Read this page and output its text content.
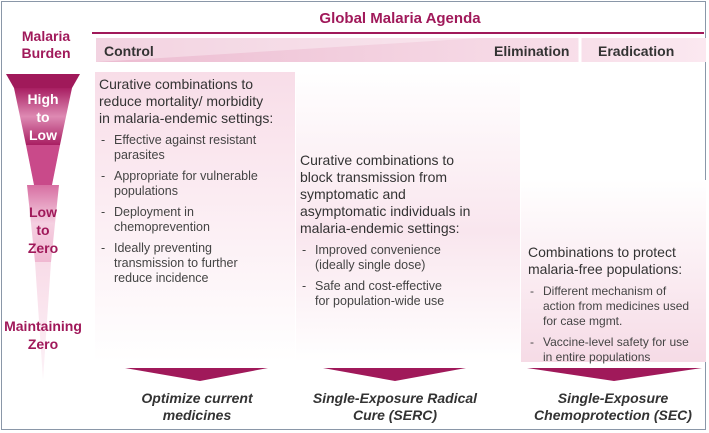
Malaria
Burden
High
to
Low
Low
to
Zero
Maintaining
Zero
Global Malaria Agenda
Control	Elimination Eradication
Curative combinations to
reduce mortality/ morbidity
in malaria-endemic settings:
- Effective against resistant
parasites
- Appropriate for vulnerable
populations
- Deployment in
chemoprevention
- Ideally preventing
transmission to further
reduce incidence
Curative combinations to
block transmission from
symptomatic and
asymptomatic individuals in
malaria-endemic settings:
- Improved convenience
(ideally single dose)
- Safe and cost-effective
for population-wide use
Combinations to protect
malaria-free populations:
- Different mechanism of
action from medicines used
for case mgmt.
- Vaccine-level safety for use
in entire populations
Optimize current
medicines
Single-Exposure Radical
Cure (SERC)
Single-Exposure
Chemoprotection (SEC)
